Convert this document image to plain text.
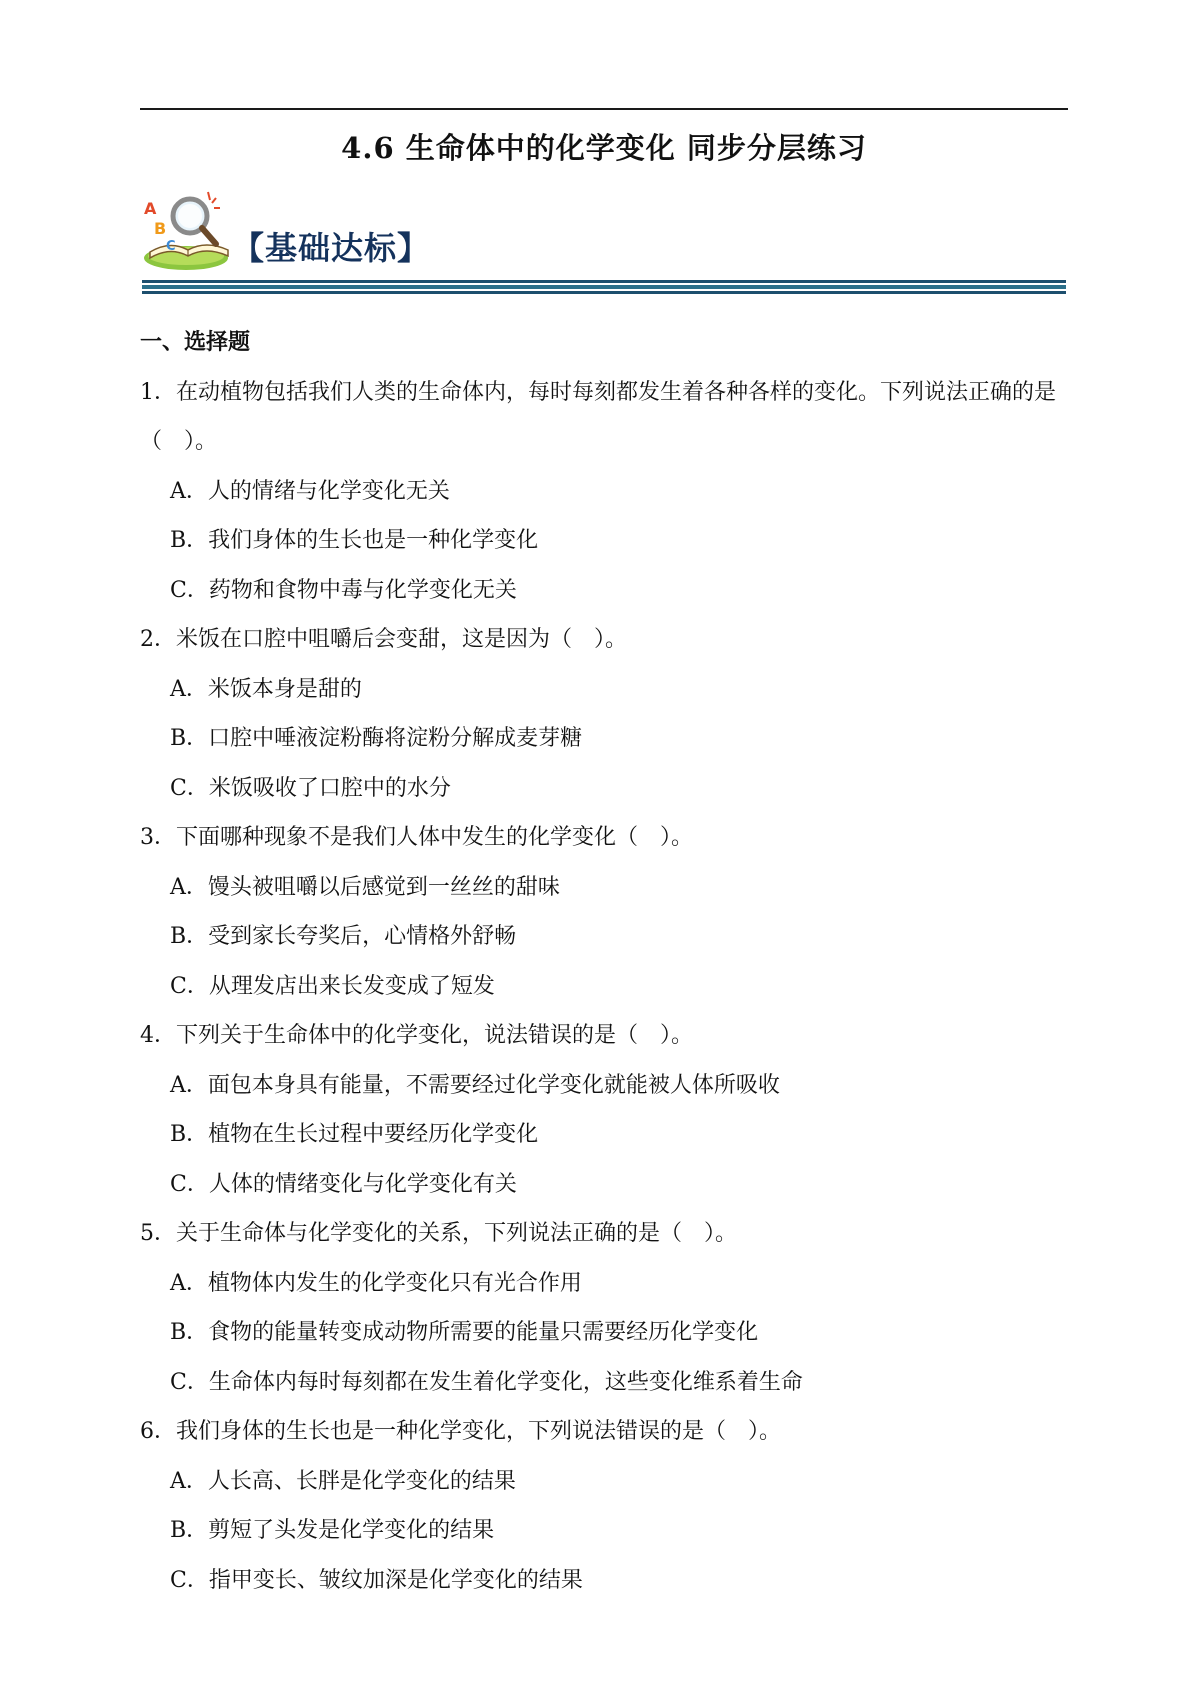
4.6 生命体中的化学变化 同步分层练习
A
B
C 【基础达标】
一、选择题

1．在动植物包括我们人类的生命体内，每时每刻都发生着各种各样的变化。下列说法正确的是（　）。

A．人的情绪与化学变化无关
B．我们身体的生长也是一种化学变化
C．药物和食物中毒与化学变化无关

2．米饭在口腔中咀嚼后会变甜，这是因为（　）。

A．米饭本身是甜的
B．口腔中唾液淀粉酶将淀粉分解成麦芽糖
C．米饭吸收了口腔中的水分

3．下面哪种现象不是我们人体中发生的化学变化（　）。

A．馒头被咀嚼以后感觉到一丝丝的甜味
B．受到家长夸奖后，心情格外舒畅
C．从理发店出来长发变成了短发

4．下列关于生命体中的化学变化，说法错误的是（　）。

A．面包本身具有能量，不需要经过化学变化就能被人体所吸收
B．植物在生长过程中要经历化学变化
C．人体的情绪变化与化学变化有关

5．关于生命体与化学变化的关系，下列说法正确的是（　）。

A．植物体内发生的化学变化只有光合作用
B．食物的能量转变成动物所需要的能量只需要经历化学变化
C．生命体内每时每刻都在发生着化学变化，这些变化维系着生命

6．我们身体的生长也是一种化学变化，下列说法错误的是（　）。

A．人长高、长胖是化学变化的结果
B．剪短了头发是化学变化的结果
C．指甲变长、皱纹加深是化学变化的结果
